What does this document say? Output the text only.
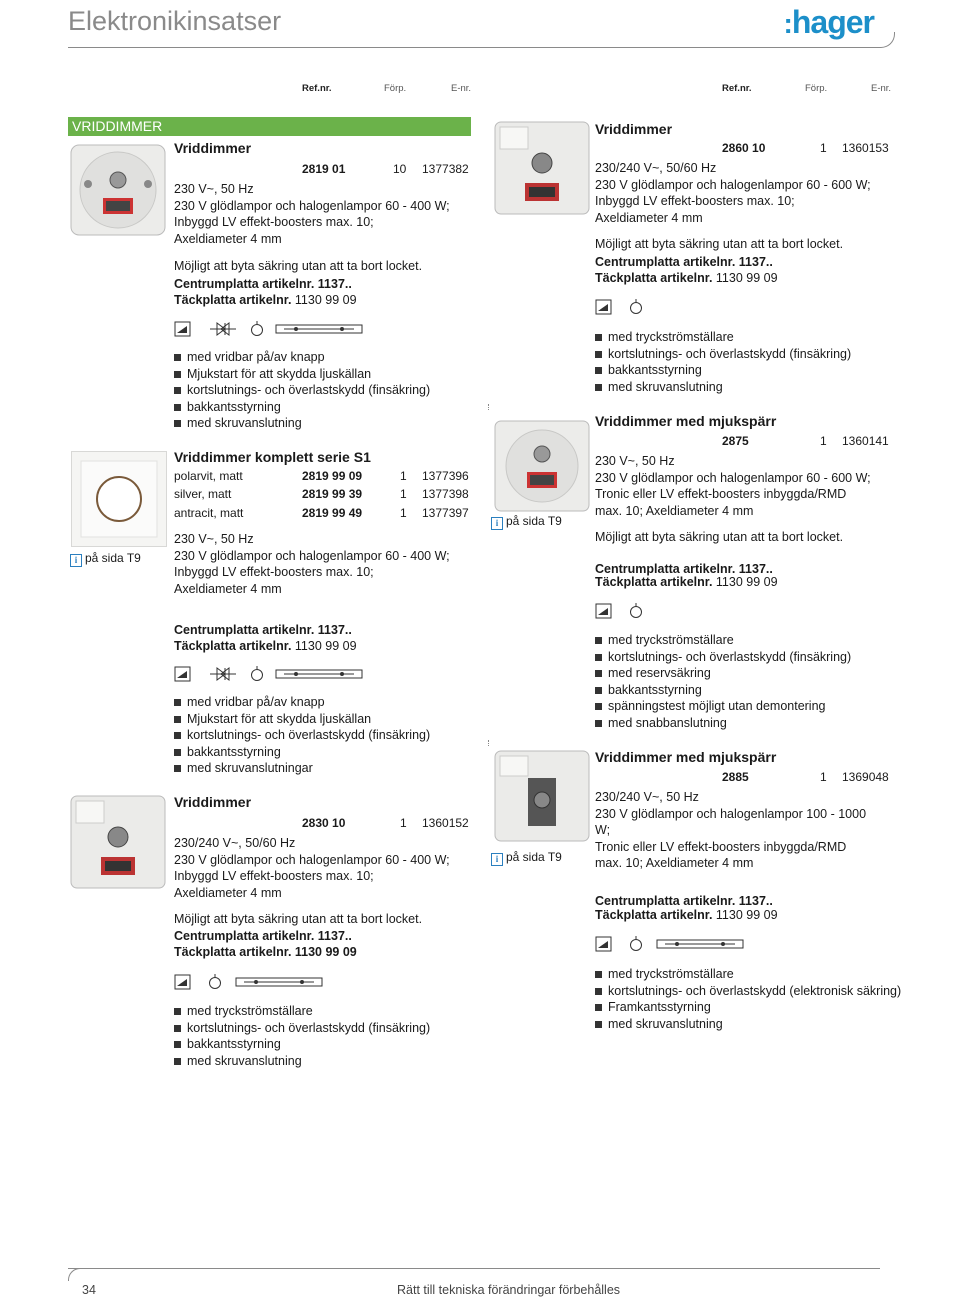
Elektronikinsatser	:hager
Ref.nr.	Förp.	E-nr.	Ref.nr.	Förp.	E-nr.
VRIDDIMMER
Vriddimmer
2819 01	10 1377382
230 V~, 50 Hz
230 V glödlampor och halogenlampor 60 - 400 W;
Inbyggd LV effekt-boosters max. 10;
Axeldiameter 4 mm
Möjligt att byta säkring utan att ta bort locket.
Centrumplatta artikelnr. 1137..
Täckplatta artikelnr. 1130 99 09
med vridbar på/av knapp
Mjukstart för att skydda ljuskällan
kortslutnings- och överlastskydd (finsäkring)
bakkantsstyrning
med skruvanslutning
i på sida T9
Vriddimmer komplett serie S1
polarvit, matt	2819 99 09	1 1377396
silver, matt	2819 99 39	1 1377398
antracit, matt	2819 99 49	1 1377397
230 V~, 50 Hz
230 V glödlampor och halogenlampor 60 - 400 W;
Inbyggd LV effekt-boosters max. 10;
Axeldiameter 4 mm
Centrumplatta artikelnr. 1137..
Täckplatta artikelnr. 1130 99 09
med vridbar på/av knapp
Mjukstart för att skydda ljuskällan
kortslutnings- och överlastskydd (finsäkring)
bakkantsstyrning
med skruvanslutningar
Vriddimmer
2830 10	1 1360152
230/240 V~, 50/60 Hz
230 V glödlampor och halogenlampor 60 - 400 W;
Inbyggd LV effekt-boosters max. 10;
Axeldiameter 4 mm
Möjligt att byta säkring utan att ta bort locket.
Centrumplatta artikelnr. 1137..
Täckplatta artikelnr. 1130 99 09
med tryckströmställare
kortslutnings- och överlastskydd (finsäkring)
bakkantsstyrning
med skruvanslutning
Vriddimmer
2860 10	1 1360153
230/240 V~, 50/60 Hz
230 V glödlampor och halogenlampor 60 - 600 W;
Inbyggd LV effekt-boosters max. 10;
Axeldiameter 4 mm
Möjligt att byta säkring utan att ta bort locket.
Centrumplatta artikelnr. 1137..
Täckplatta artikelnr. 1130 99 09
med tryckströmställare
kortslutnings- och överlastskydd (finsäkring)
bakkantsstyrning
med skruvanslutning
i på sida T9
Vriddimmer med mjukspärr
2875	1 1360141
230 V~, 50 Hz
230 V glödlampor och halogenlampor 60 - 600 W;
Tronic eller LV effekt-boosters inbyggda/RMD
max. 10; Axeldiameter 4 mm
Möjligt att byta säkring utan att ta bort locket.
Centrumplatta artikelnr. 1137..
Täckplatta artikelnr. 1130 99 09
med tryckströmställare
kortslutnings- och överlastskydd (finsäkring)
med reservsäkring
bakkantsstyrning
spänningstest möjligt utan demontering
med snabbanslutning
i på sida T9
Vriddimmer med mjukspärr
2885	1 1369048
230/240 V~, 50 Hz
230 V glödlampor och halogenlampor 100 - 1000
W;
Tronic eller LV effekt-boosters inbyggda/RMD
max. 10; Axeldiameter 4 mm
Centrumplatta artikelnr. 1137..
Täckplatta artikelnr. 1130 99 09
med tryckströmställare
kortslutnings- och överlastskydd (elektronisk säkring)
Framkantsstyrning
med skruvanslutning
34	Rätt till tekniska förändringar förbehålles
